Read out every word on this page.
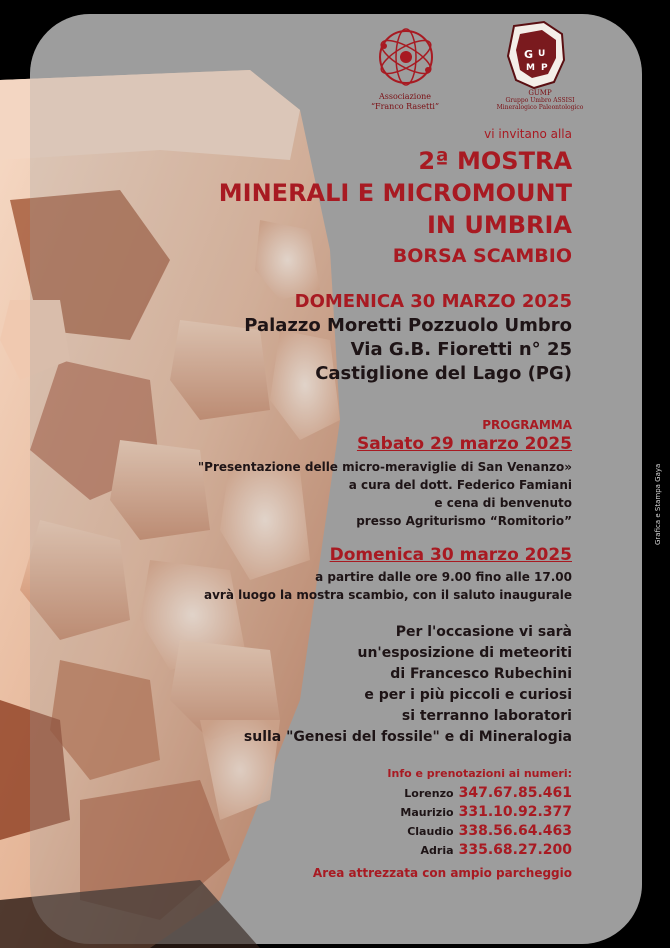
Associazione
“Franco Rasetti”
G U
M P
GUMP
Gruppo Umbro ASSISI
Mineralogico Paleontologico
vi invitano alla
2ª MOSTRA
MINERALI E MICROMOUNT
IN UMBRIA
BORSA SCAMBIO
DOMENICA 30 MARZO 2025
Palazzo Moretti Pozzuolo Umbro
Via G.B. Fioretti n° 25
Castiglione del Lago (PG)
PROGRAMMA
Sabato 29 marzo 2025
"Presentazione delle micro-meraviglie di San Venanzo»
a cura del dott. Federico Famiani
e cena di benvenuto
presso Agriturismo “Romitorio”
Domenica 30 marzo 2025
a partire dalle ore 9.00 fino alle 17.00
avrà luogo la mostra scambio, con il saluto inaugurale
Per l'occasione vi sarà
un'esposizione di meteoriti
di Francesco Rubechini
e per i più piccoli e curiosi
si terranno laboratori
sulla "Genesi del fossile" e di Mineralogia
Info e prenotazioni ai numeri:
Lorenzo 347.67.85.461
Maurizio 331.10.92.377
Claudio 338.56.64.463
Adria 335.68.27.200
Area attrezzata con ampio parcheggio
Grafica e Stampa Gaya
